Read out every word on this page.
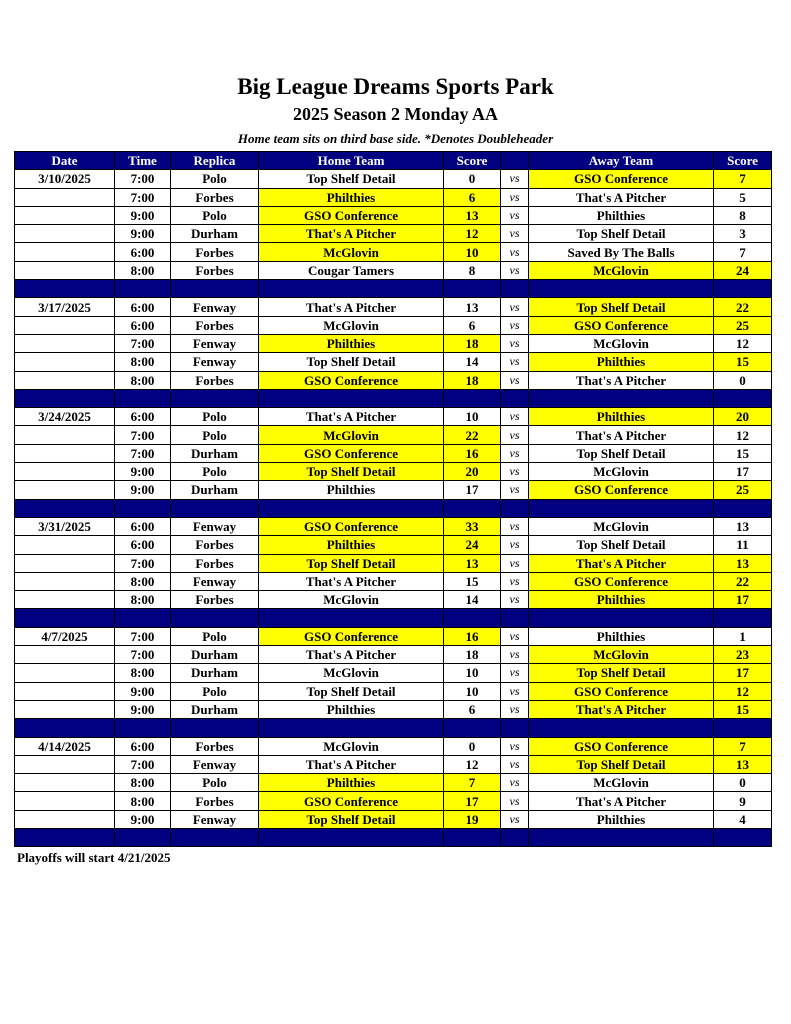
Big League Dreams Sports Park
2025 Season 2 Monday AA
Home team sits on third base side. *Denotes Doubleheader
Date	Time	Replica	Home Team	Score		Away Team	Score
3/10/2025	7:00	Polo	Top Shelf Detail	0	vs	GSO Conference	7
	7:00	Forbes	Philthies	6	vs	That's A Pitcher	5
	9:00	Polo	GSO Conference	13	vs	Philthies	8
	9:00	Durham	That's A Pitcher	12	vs	Top Shelf Detail	3
	6:00	Forbes	McGlovin	10	vs	Saved By The Balls	7
	8:00	Forbes	Cougar Tamers	8	vs	McGlovin	24

3/17/2025	6:00	Fenway	That's A Pitcher	13	vs	Top Shelf Detail	22
	6:00	Forbes	McGlovin	6	vs	GSO Conference	25
	7:00	Fenway	Philthies	18	vs	McGlovin	12
	8:00	Fenway	Top Shelf Detail	14	vs	Philthies	15
	8:00	Forbes	GSO Conference	18	vs	That's A Pitcher	0

3/24/2025	6:00	Polo	That's A Pitcher	10	vs	Philthies	20
	7:00	Polo	McGlovin	22	vs	That's A Pitcher	12
	7:00	Durham	GSO Conference	16	vs	Top Shelf Detail	15
	9:00	Polo	Top Shelf Detail	20	vs	McGlovin	17
	9:00	Durham	Philthies	17	vs	GSO Conference	25

3/31/2025	6:00	Fenway	GSO Conference	33	vs	McGlovin	13
	6:00	Forbes	Philthies	24	vs	Top Shelf Detail	11
	7:00	Forbes	Top Shelf Detail	13	vs	That's A Pitcher	13
	8:00	Fenway	That's A Pitcher	15	vs	GSO Conference	22
	8:00	Forbes	McGlovin	14	vs	Philthies	17

4/7/2025	7:00	Polo	GSO Conference	16	vs	Philthies	1
	7:00	Durham	That's A Pitcher	18	vs	McGlovin	23
	8:00	Durham	McGlovin	10	vs	Top Shelf Detail	17
	9:00	Polo	Top Shelf Detail	10	vs	GSO Conference	12
	9:00	Durham	Philthies	6	vs	That's A Pitcher	15

4/14/2025	6:00	Forbes	McGlovin	0	vs	GSO Conference	7
	7:00	Fenway	That's A Pitcher	12	vs	Top Shelf Detail	13
	8:00	Polo	Philthies	7	vs	McGlovin	0
	8:00	Forbes	GSO Conference	17	vs	That's A Pitcher	9
	9:00	Fenway	Top Shelf Detail	19	vs	Philthies	4

Playoffs will start 4/21/2025
